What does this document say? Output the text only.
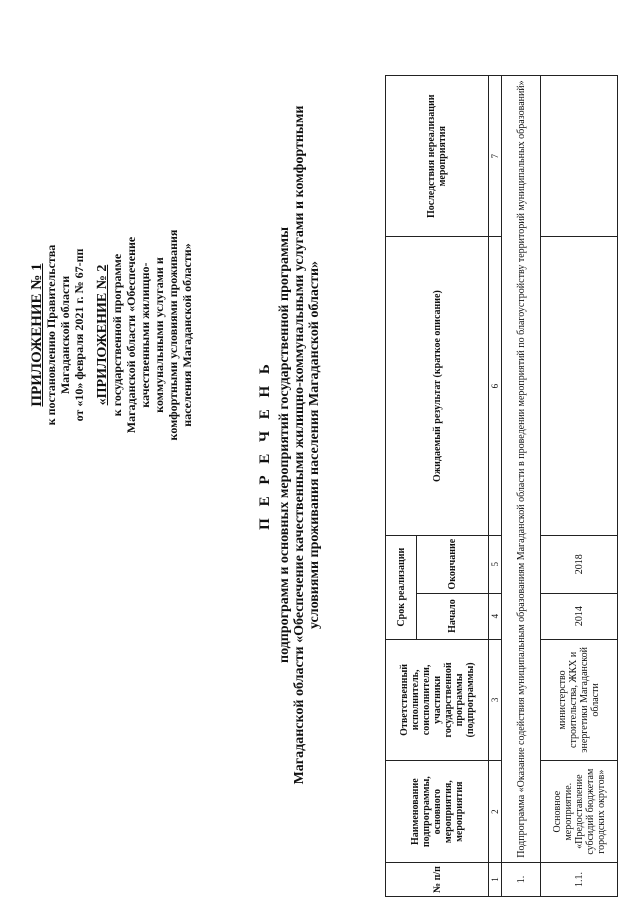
ПРИЛОЖЕНИЕ № 1 к постановлению Правительства Магаданской области от «10» февраля 2021 г. № 67-пп «ПРИЛОЖЕНИЕ № 2 к государственной программе Магаданской области «Обеспечение качественными жилищно- коммунальными услугами и комфортными условиями проживания населения Магаданской области»

П Е Р Е Ч Е Н Ь подпрограмм и основных мероприятий государственной программы Магаданской области «Обеспечение качественными жилищно-коммунальными услугами и комфортными условиями проживания населения Магаданской области»
№ п/п	Наименование подпрограммы, основного мероприятия, мероприятия	Ответственный исполнитель, соисполнители, участники государственной программы (подпрограммы)	Срок реализации		Ожидаемый результат (краткое описание)	Последствия нереализации мероприятия
			Начало	Окончание		
1	2	3	4	5	6	7
1.	Подпрограмма «Оказание содействия муниципальным образованиям Магаданской области в проведении мероприятий по благоустройству территорий муниципальных образований»					
1.1.	Основное мероприятие. «Предоставление субсидий бюджетам городских округов»	министерство строительства, ЖКХ и энергетики Магаданской области	2014	2018		
